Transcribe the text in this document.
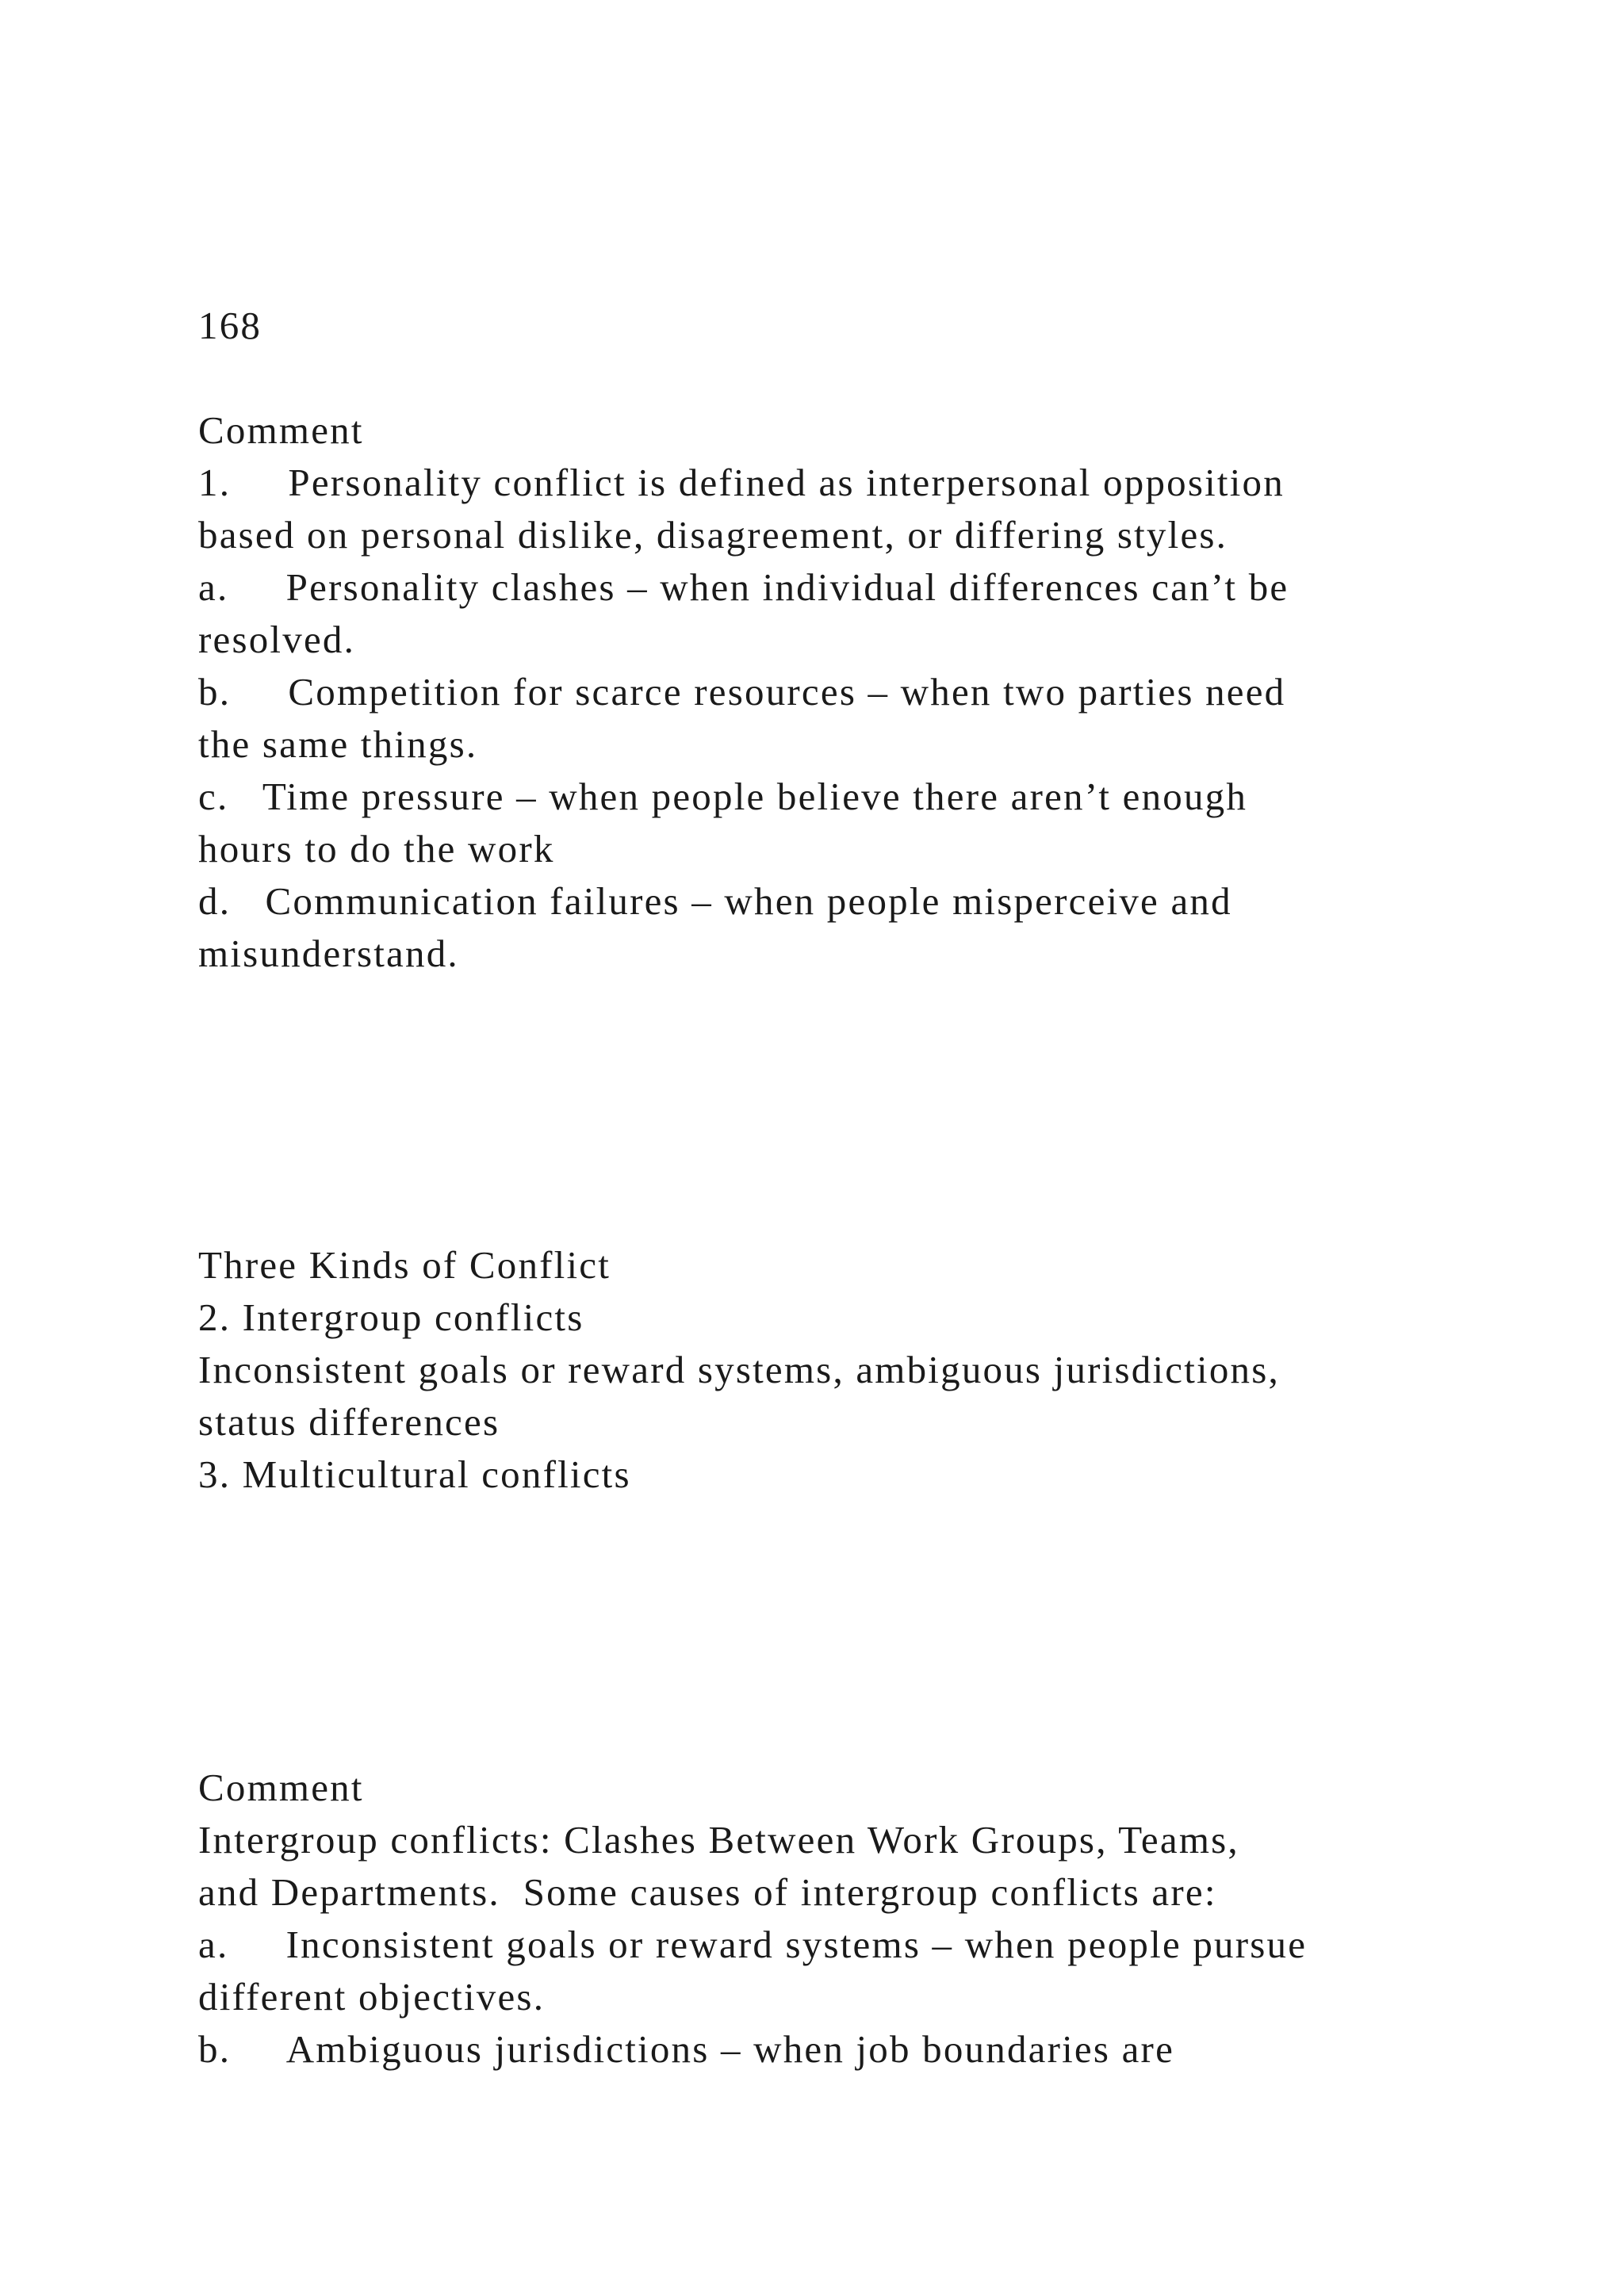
168

Comment

1.     Personality conflict is defined as interpersonal opposition

based on personal dislike, disagreement, or differing styles.

a.     Personality clashes – when individual differences can’t be

resolved.

b.     Competition for scarce resources – when two parties need

the same things.

c.   Time pressure – when people believe there aren’t enough

hours to do the work

d.   Communication failures – when people misperceive and

misunderstand.

Three Kinds of Conflict

2. Intergroup conflicts

Inconsistent goals or reward systems, ambiguous jurisdictions,

status differences

3. Multicultural conflicts

Comment

Intergroup conflicts: Clashes Between Work Groups, Teams,

and Departments.  Some causes of intergroup conflicts are:

a.     Inconsistent goals or reward systems – when people pursue

different objectives.

b.     Ambiguous jurisdictions – when job boundaries are
